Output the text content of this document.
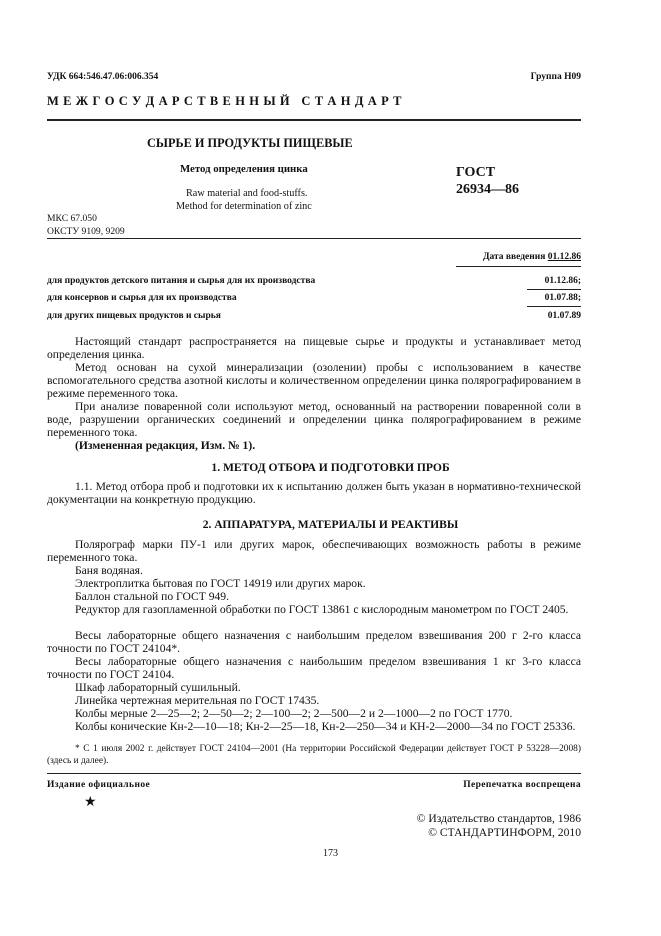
УДК 664:546.47.06:006.354	Группа Н09
М Е Ж Г О С У Д А Р С Т В Е Н Н Ы Й   С Т А Н Д А Р Т
СЫРЬЕ И ПРОДУКТЫ ПИЩЕВЫЕ
Метод определения цинка
Raw material and food-stuffs.
Method for determination of zinc
ГОСТ
26934—86
МКС 67.050
ОКСТУ 9109, 9209
Дата введения 01.12.86
для продуктов детского питания и сырья для их производства	01.12.86;
для консервов и сырья для их производства	01.07.88;
для других пищевых продуктов и сырья	01.07.89
Настоящий стандарт распространяется на пищевые сырье и продукты и устанавливает метод определения цинка.
Метод основан на сухой минерализации (озолении) пробы с использованием в качестве вспомогательного средства азотной кислоты и количественном определении цинка полярографированием в режиме переменного тока.
При анализе поваренной соли используют метод, основанный на растворении поваренной соли в воде, разрушении органических соединений и определении цинка полярографированием в режиме переменного тока.
(Измененная редакция, Изм. № 1).
1. МЕТОД ОТБОРА И ПОДГОТОВКИ ПРОБ
1.1. Метод отбора проб и подготовки их к испытанию должен быть указан в нормативно-технической документации на конкретную продукцию.
2. АППАРАТУРА, МАТЕРИАЛЫ И РЕАКТИВЫ
Полярограф марки ПУ-1 или других марок, обеспечивающих возможность работы в режиме переменного тока.
Баня водяная.
Электроплитка бытовая по ГОСТ 14919 или других марок.
Баллон стальной по ГОСТ 949.
Редуктор для газопламенной обработки по ГОСТ 13861 с кислородным манометром по ГОСТ 2405.
Весы лабораторные общего назначения с наибольшим пределом взвешивания 200 г 2-го класса точности по ГОСТ 24104*.
Весы лабораторные общего назначения с наибольшим пределом взвешивания 1 кг 3-го класса точности по ГОСТ 24104.
Шкаф лабораторный сушильный.
Линейка чертежная мерительная по ГОСТ 17435.
Колбы мерные 2—25—2; 2—50—2; 2—100—2; 2—500—2 и 2—1000—2 по ГОСТ 1770.
Колбы конические Кн-2—10—18; Кн-2—25—18, Кн-2—250—34 и КН-2—2000—34 по ГОСТ 25336.
* С 1 июля 2002 г. действует ГОСТ 24104—2001 (На территории Российской Федерации действует ГОСТ Р 53228—2008) (здесь и далее).
Издание официальное	Перепечатка воспрещена
★
© Издательство стандартов, 1986
© СТАНДАРТИНФОРМ, 2010
173
